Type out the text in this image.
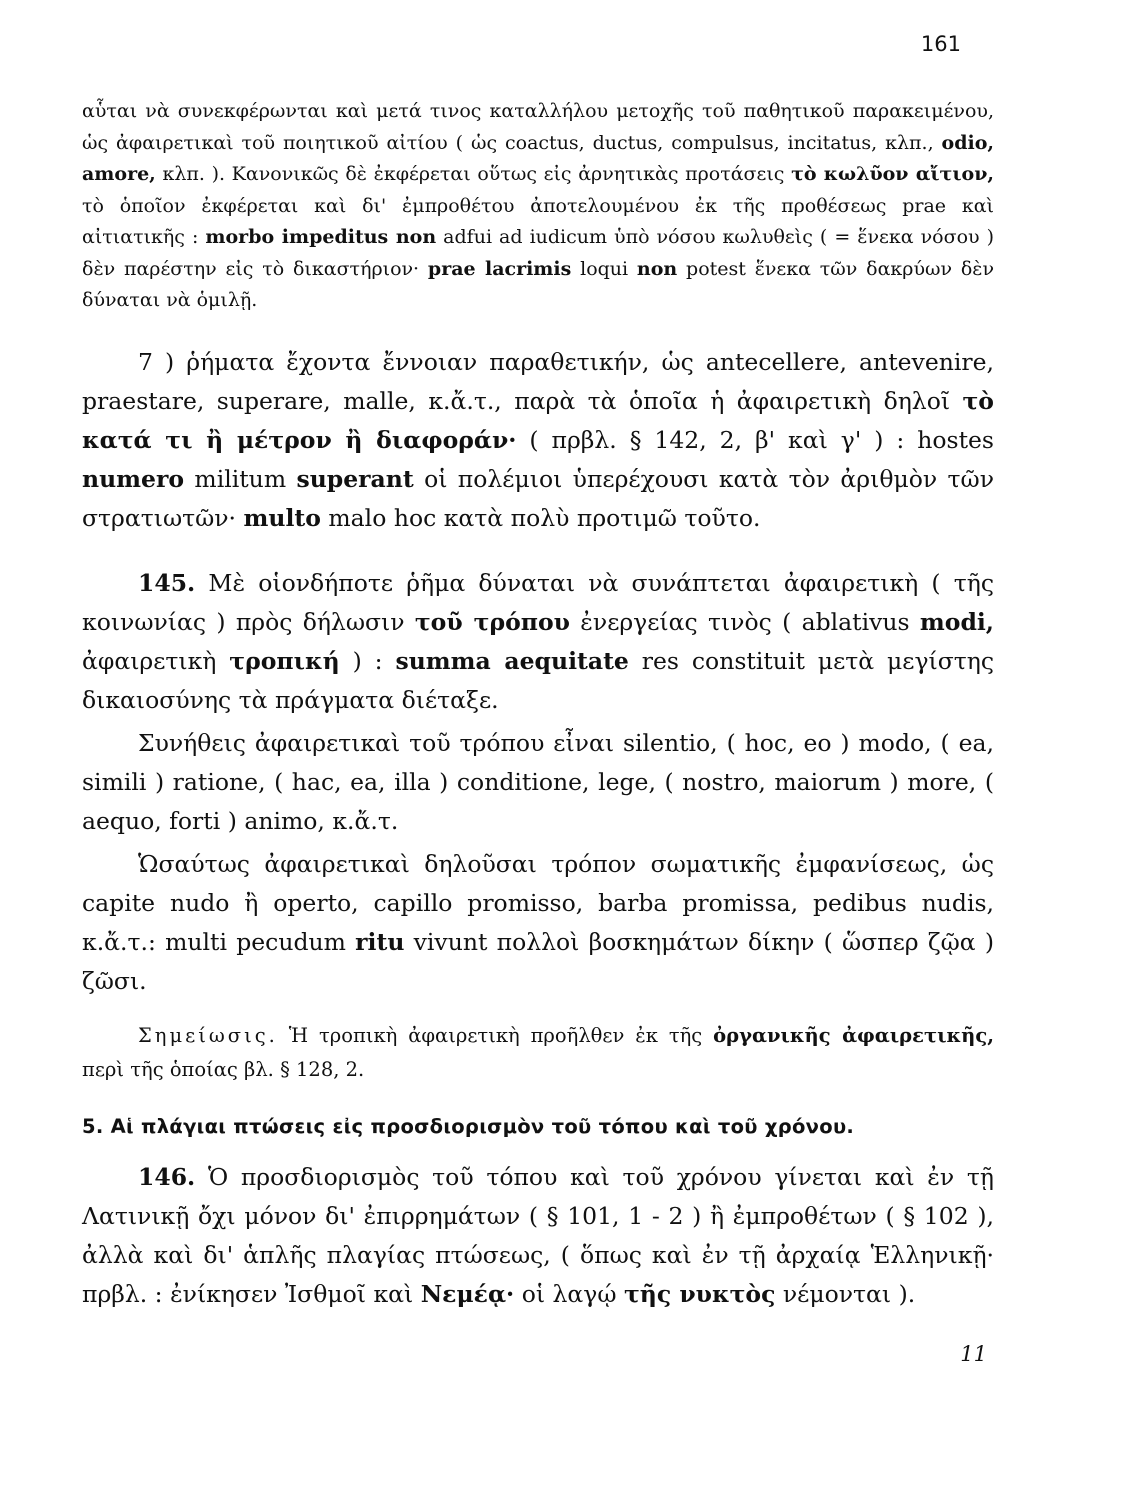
161

αὗται νὰ συνεκφέρωνται καὶ μετά τινος καταλλήλου μετοχῆς τοῦ παθητικοῦ παρακειμένου, ὡς ἀφαιρετικαὶ τοῦ ποιητικοῦ αἰτίου ( ὡς coactus, ductus, compulsus, incitatus, κλπ., odio, amore, κλπ. ). Κανονικῶς δὲ ἐκφέρεται οὕτως εἰς ἀρνητικὰς προτάσεις τὸ κωλῦον αἴτιον, τὸ ὁποῖον ἐκφέρεται καὶ δι' ἐμπροθέτου ἀποτελουμένου ἐκ τῆς προθέσεως prae καὶ αἰτιατικῆς : morbo impeditus non adfui ad iudicum ὑπὸ νόσου κωλυθεὶς ( = ἕνεκα νόσου ) δὲν παρέστην εἰς τὸ δικαστήριον· prae lacrimis loqui non potest ἕνεκα τῶν δακρύων δὲν δύναται νὰ ὁμιλῇ.

7 ) ῥήματα ἔχοντα ἔννοιαν παραθετικήν, ὡς antecellere, antevenire, praestare, superare, malle, κ.ἄ.τ., παρὰ τὰ ὁποῖα ἡ ἀφαιρετικὴ δηλοῖ τὸ κατά τι ἢ μέτρον ἢ διαφοράν· ( πρβλ. § 142, 2, β' καὶ γ' ) : hostes numero militum superant οἱ πολέμιοι ὑπερέχουσι κατὰ τὸν ἀριθμὸν τῶν στρατιωτῶν· multo malo hoc κατὰ πολὺ προτιμῶ τοῦτο.

145. Μὲ οἱονδήποτε ῥῆμα δύναται νὰ συνάπτεται ἀφαιρετικὴ ( τῆς κοινωνίας ) πρὸς δήλωσιν τοῦ τρόπου ἐνεργείας τινὸς ( ablativus modi, ἀφαιρετικὴ τροπική ) : summa aequitate res constituit μετὰ μεγίστης δικαιοσύνης τὰ πράγματα διέταξε.

Συνήθεις ἀφαιρετικαὶ τοῦ τρόπου εἶναι silentio, ( hoc, eo ) modo, ( ea, simili ) ratione, ( hac, ea, illa ) conditione, lege, ( nostro, maiorum ) more, ( aequo, forti ) animo, κ.ἄ.τ.

Ὡσαύτως ἀφαιρετικαὶ δηλοῦσαι τρόπον σωματικῆς ἐμφανίσεως, ὡς capite nudo ἢ operto, capillo promisso, barba promissa, pedibus nudis, κ.ἄ.τ.: multi pecudum ritu vivunt πολλοὶ βοσκημάτων δίκην ( ὥσπερ ζῷα ) ζῶσι.

Σημείωσις. Ἡ τροπικὴ ἀφαιρετικὴ προῆλθεν ἐκ τῆς ὀργανικῆς ἀφαιρετικῆς, περὶ τῆς ὁποίας βλ. § 128, 2.

5. Αἱ πλάγιαι πτώσεις εἰς προσδιορισμὸν τοῦ τόπου καὶ τοῦ χρόνου.

146. Ὁ προσδιορισμὸς τοῦ τόπου καὶ τοῦ χρόνου γίνεται καὶ ἐν τῇ Λατινικῇ ὄχι μόνον δι' ἐπιρρημάτων ( § 101, 1 - 2 ) ἢ ἐμπροθέτων ( § 102 ), ἀλλὰ καὶ δι' ἁπλῆς πλαγίας πτώσεως, ( ὅπως καὶ ἐν τῇ ἀρχαίᾳ Ἑλληνικῇ· πρβλ. : ἐνίκησεν Ἰσθμοῖ καὶ Νεμέᾳ· οἱ λαγῴ τῆς νυκτὸς νέμονται ).

11
